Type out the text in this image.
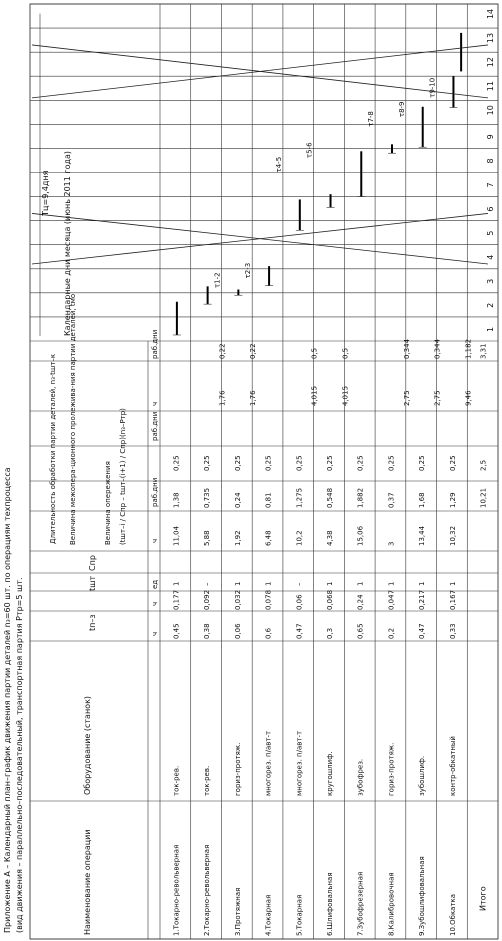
Приложение А – Календарный план–график движения партии деталей n₃=60 шт. по операциям техпроцесса (вид движения – параллельно–последовательный, транспортная партия Pтр=5 шт.	Наименование операции
Оборудование (станок)
tп–з
tшт
Спр
Длительность обработки партии деталей, n₃·tшт–к Величина межопера-ционного пролежива-ния партии деталей, tмо	Величина опережения (tшт–i / Cпр – tшт–(i+1) / Cпр)(n₃–Pтр)
Календарные дни месяца (июнь 2011 года)
ч
ч
ед
ч
раб.дни
раб.дни
ч
раб.дни
1.Токарно-револьверная
ток-рев.
0,45
0,177
1
11,04
1,38
0,25
2.Токарно-револьверная
ток-рев.
0,38
0,092
–
5,88
0,735
0,25
1,76
0,22
3.Протяжная
гориз-протяж.
0,06
0,032
1
1,92
0,24
0,25
1,76
0,22
4.Токарная
многорез. п/авт-т
0,6
0,078
1
6,48
0,81
0,25
5.Токарная
многорез. п/авт-т
0,47
0,06
–
10,2
1,275
0,25
4,015
0,5
6.Шлифовальная
кругошлиф.
0,3
0,068
1
4,38
0,548
0,25
4,015
0,5
7.Зубофрезерная
зубофрез.
0,65
0,24
1
15,06
1,882
0,25
8.Калибровочная
гориз-протяж.
0,2
0,047
1
3
0,37
0,25
2,75
0,344
9.Зубошлифовальная
зубошлиф.
0,47
0,217
1
13,44
1,68
0,25
2,75
0,344
10.Обкатка
контр-обкатный
0,33
0,167
1
10,32
1,29
0,25
9,46
1,182
Итого
10,21
2,5
3,31
1
2
3
4
5
6
7
8
9
10
11
12
13
14
Tц=9,4дня
τ1-2
τ2-3
τ4-5
τ5-6
τ7-8
τ8-9
τ9-10
